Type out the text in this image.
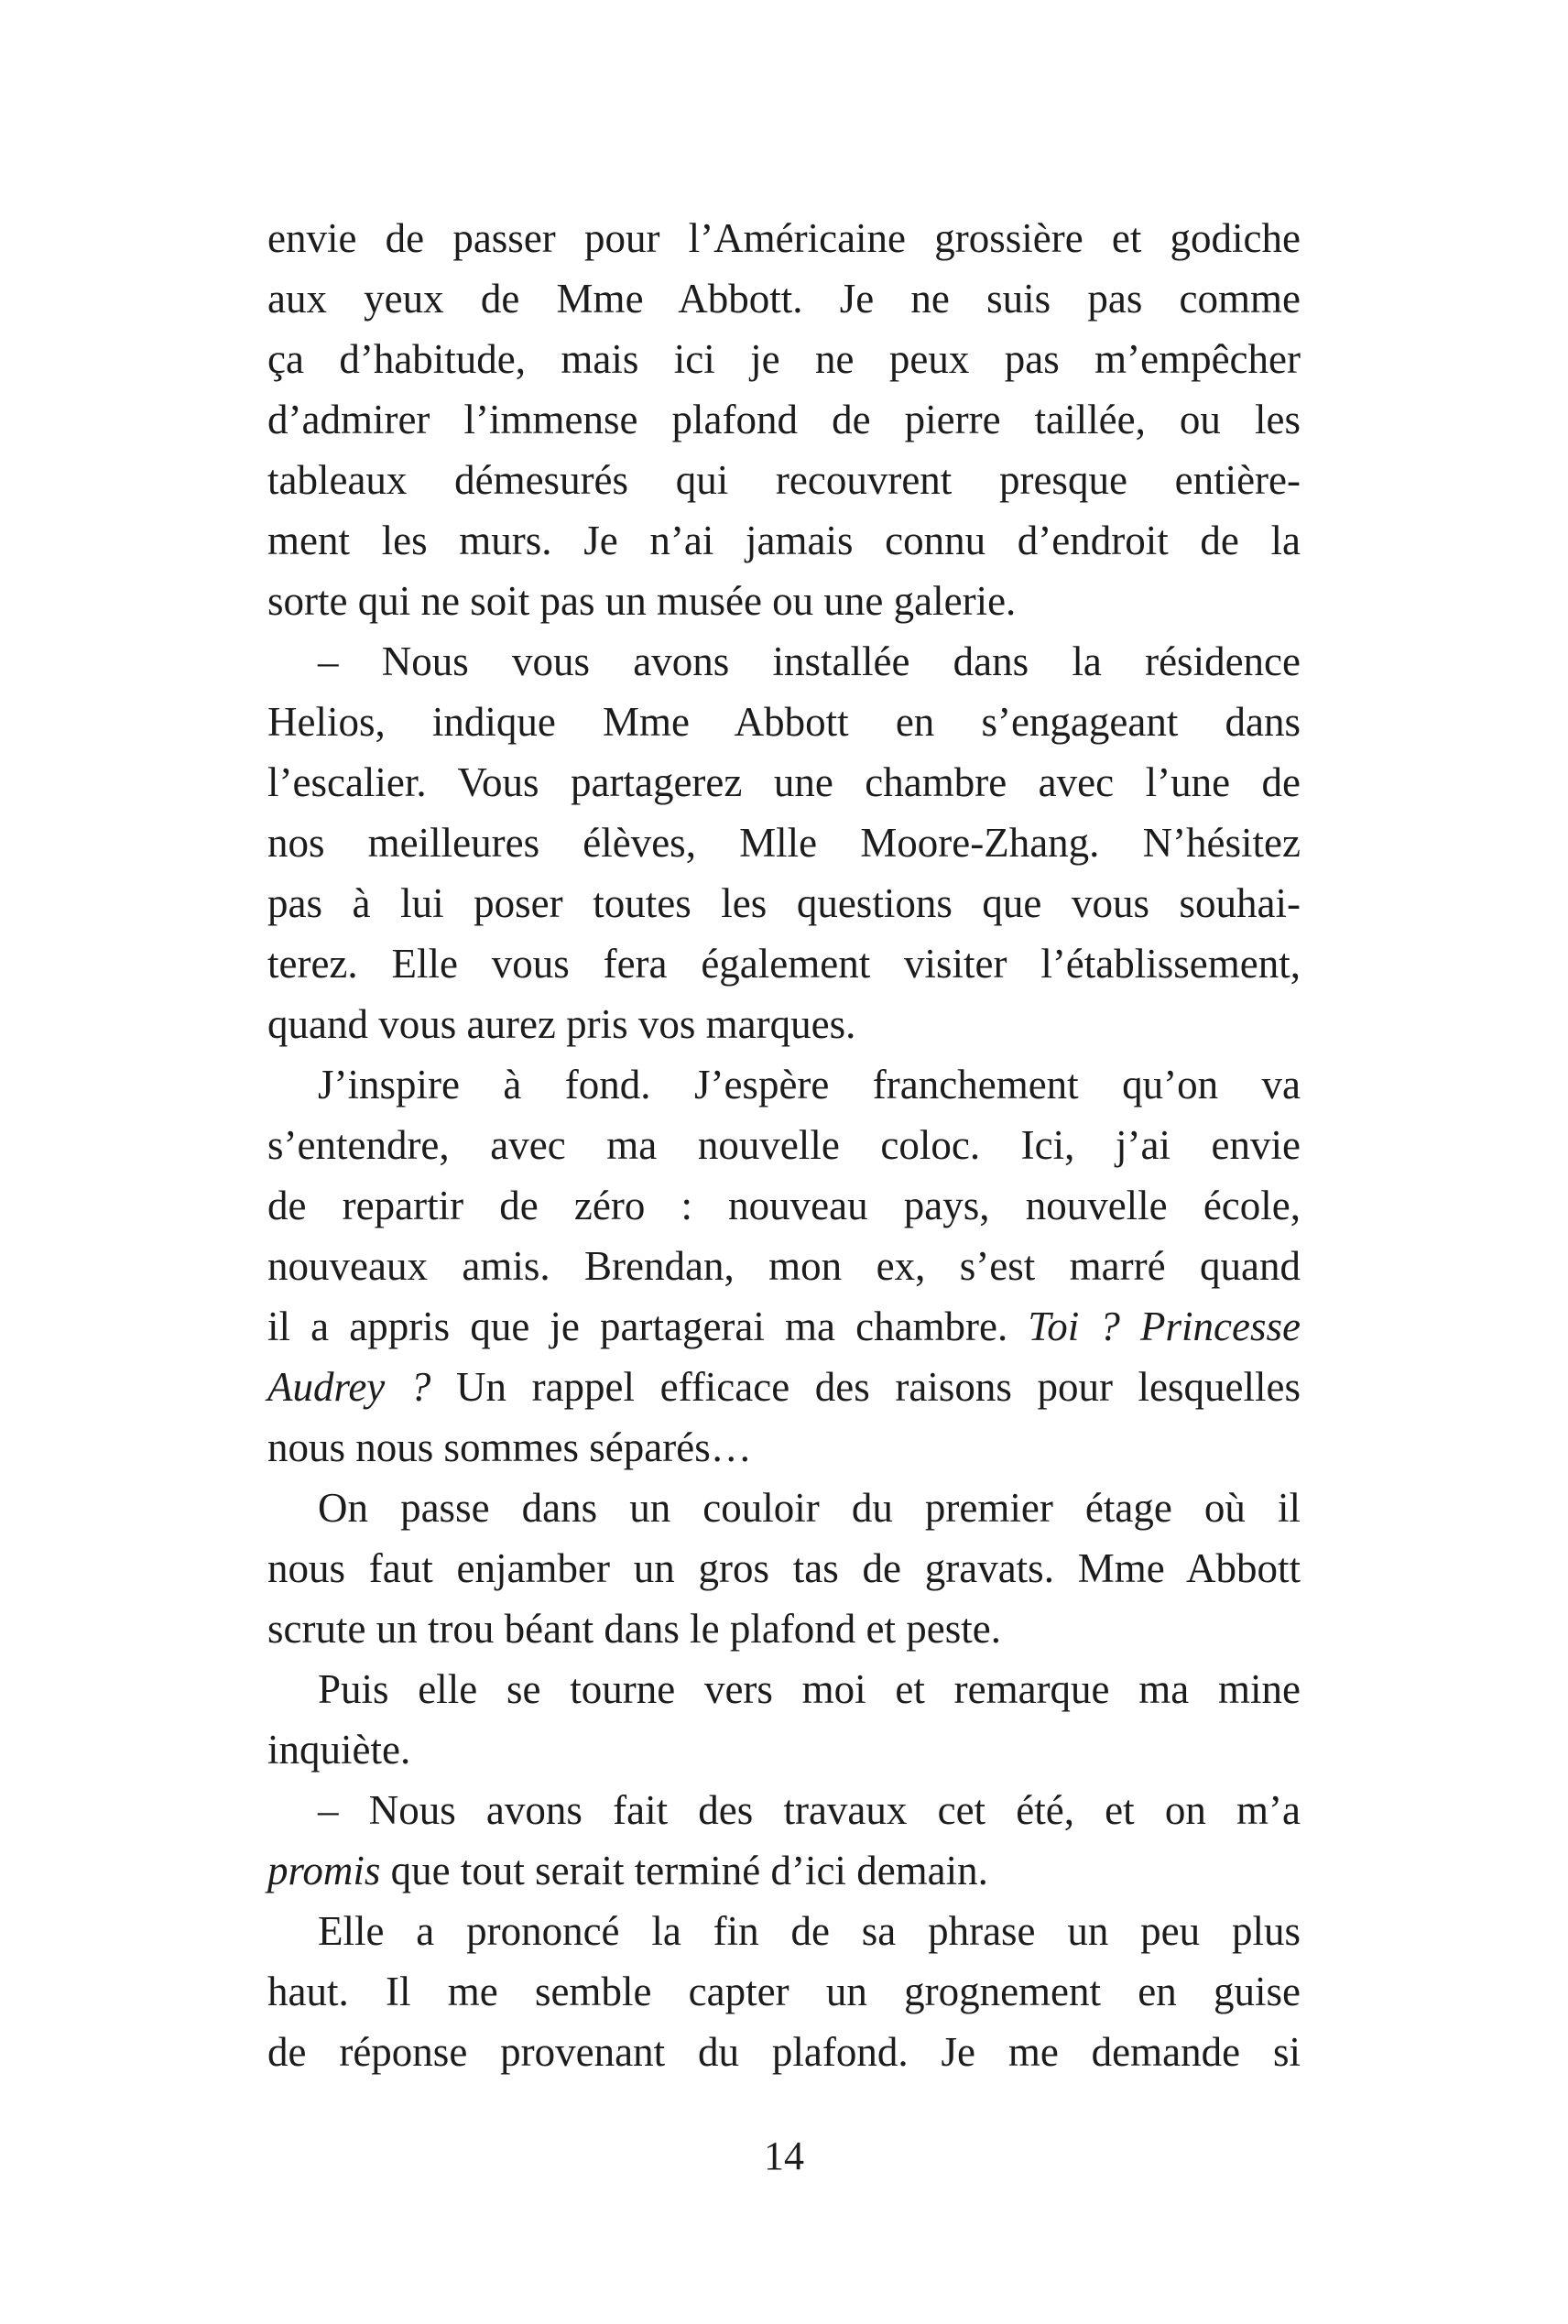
envie de passer pour l’Américaine grossière et godiche
aux yeux de Mme Abbott. Je ne suis pas comme
ça d’habitude, mais ici je ne peux pas m’empêcher
d’admirer l’immense plafond de pierre taillée, ou les
tableaux démesurés qui recouvrent presque entière-
ment les murs. Je n’ai jamais connu d’endroit de la
sorte qui ne soit pas un musée ou une galerie.
– Nous vous avons installée dans la résidence
Helios, indique Mme Abbott en s’engageant dans
l’escalier. Vous partagerez une chambre avec l’une de
nos meilleures élèves, Mlle Moore-Zhang. N’hésitez
pas à lui poser toutes les questions que vous souhai-
terez. Elle vous fera également visiter l’établissement,
quand vous aurez pris vos marques.
J’inspire à fond. J’espère franchement qu’on va
s’entendre, avec ma nouvelle coloc. Ici, j’ai envie
de repartir de zéro : nouveau pays, nouvelle école,
nouveaux amis. Brendan, mon ex, s’est marré quand
il a appris que je partagerai ma chambre. Toi ? Princesse
Audrey ? Un rappel efficace des raisons pour lesquelles
nous nous sommes séparés…
On passe dans un couloir du premier étage où il
nous faut enjamber un gros tas de gravats. Mme Abbott
scrute un trou béant dans le plafond et peste.
Puis elle se tourne vers moi et remarque ma mine
inquiète.
– Nous avons fait des travaux cet été, et on m’a
promis que tout serait terminé d’ici demain.
Elle a prononcé la fin de sa phrase un peu plus
haut. Il me semble capter un grognement en guise
de réponse provenant du plafond. Je me demande si
14
